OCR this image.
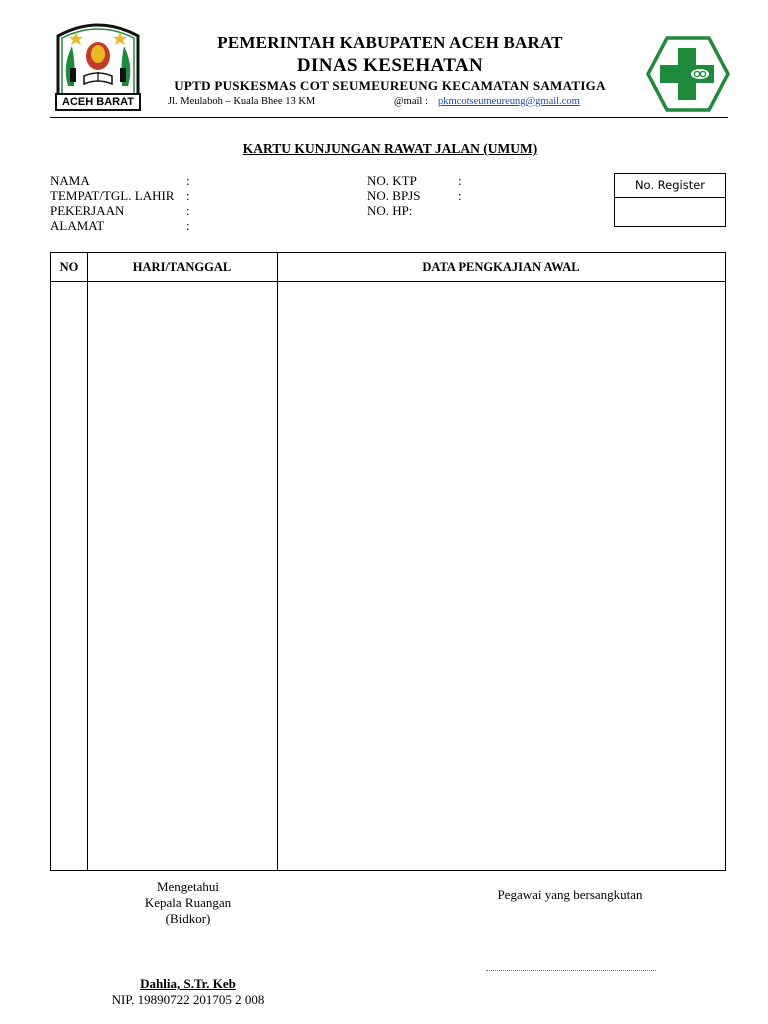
ACEH BARAT
PEMERINTAH KABUPATEN ACEH BARAT
DINAS KESEHATAN
UPTD PUSKESMAS COT SEUMEUREUNG KECAMATAN SAMATIGA
Jl. Meulaboh – Kuala Bhee 13 KM	@mail : pkmcotseumeureung@gmail.com
KARTU KUNJUNGAN RAWAT JALAN (UMUM)
NAMA	:
TEMPAT/TGL. LAHIR :
PEKERJAAN	:
ALAMAT	:
NO. KTP	:
NO. BPJS	:
NO. HP:
No. Register
NO	HARI/TANGGAL	DATA PENGKAJIAN AWAL
Mengetahui
Kepala Ruangan
(Bidkor)
Dahlia, S.Tr. Keb
NIP. 19890722 201705 2 008
Pegawai yang bersangkutan
